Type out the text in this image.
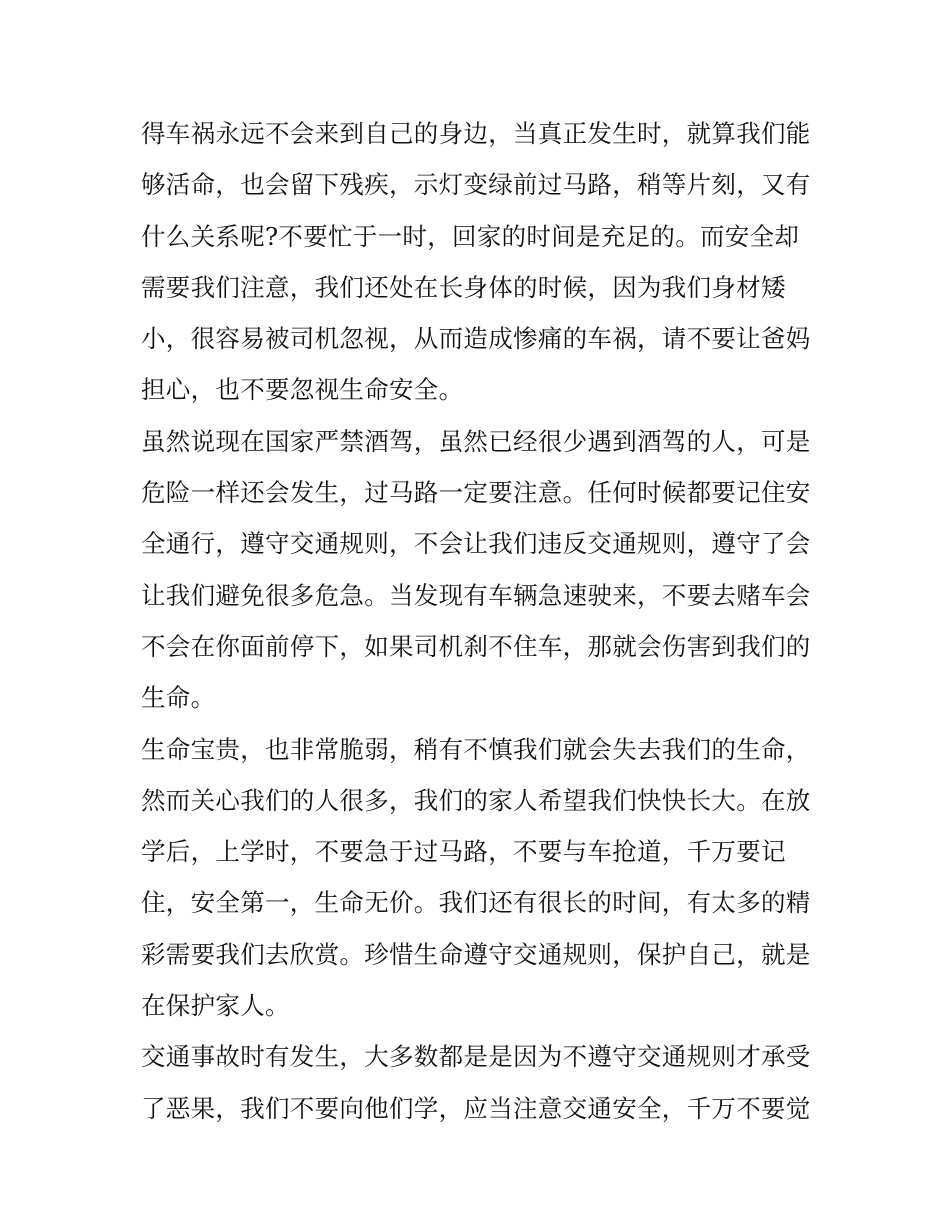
得车祸永远不会来到自己的身边，当真正发生时，就算我们能
够活命，也会留下残疾，示灯变绿前过马路，稍等片刻，又有
什么关系呢?不要忙于一时，回家的时间是充足的。而安全却
需要我们注意，我们还处在长身体的时候，因为我们身材矮
小，很容易被司机忽视，从而造成惨痛的车祸，请不要让爸妈
担心，也不要忽视生命安全。
虽然说现在国家严禁酒驾，虽然已经很少遇到酒驾的人，可是
危险一样还会发生，过马路一定要注意。任何时候都要记住安
全通行，遵守交通规则，不会让我们违反交通规则，遵守了会
让我们避免很多危急。当发现有车辆急速驶来，不要去赌车会
不会在你面前停下，如果司机刹不住车，那就会伤害到我们的
生命。
生命宝贵，也非常脆弱，稍有不慎我们就会失去我们的生命，
然而关心我们的人很多，我们的家人希望我们快快长大。在放
学后，上学时，不要急于过马路，不要与车抢道，千万要记
住，安全第一，生命无价。我们还有很长的时间，有太多的精
彩需要我们去欣赏。珍惜生命遵守交通规则，保护自己，就是
在保护家人。
交通事故时有发生，大多数都是是因为不遵守交通规则才承受
了恶果，我们不要向他们学，应当注意交通安全，千万不要觉
